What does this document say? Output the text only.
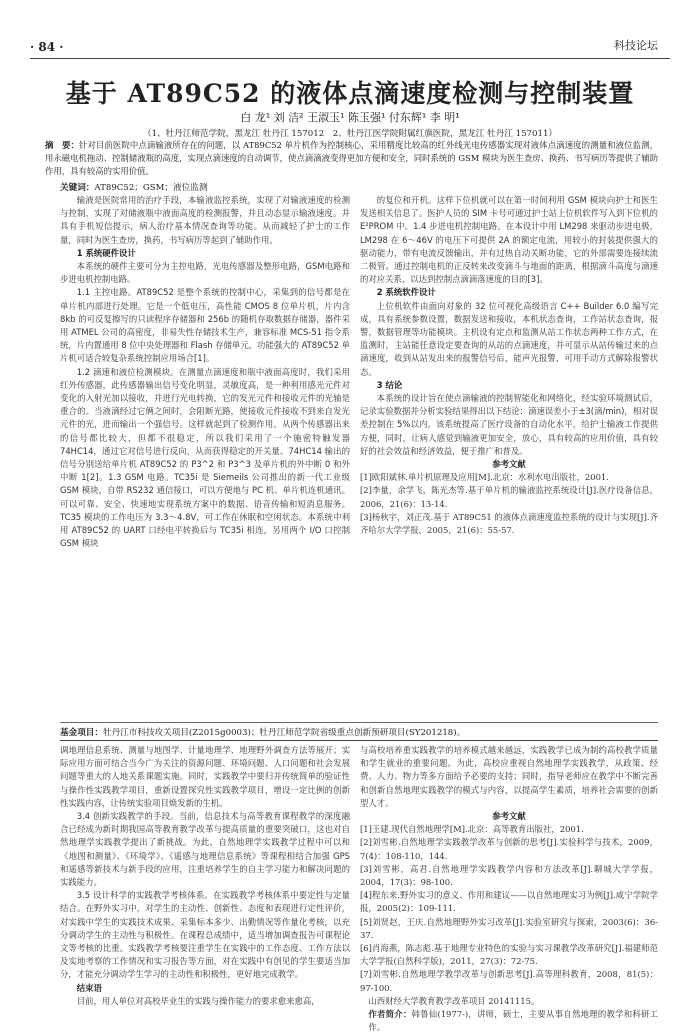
· 84 ·	科技论坛
基于 AT89C52 的液体点滴速度检测与控制装置
白 龙¹ 刘 洁² 王淑玉¹ 陈玉强¹ 付东辉¹ 李 明¹
（1、牡丹江师范学院，黑龙江 牡丹江 157012　2、牡丹江医学院附属红旗医院，黑龙江 牡丹江 157011）
摘　要：针对目前医院中点滴输液所存在的问题，以 AT89C52 单片机作为控制核心，采用精度比较高的红外线光电传感器实现对液体点滴速度的测量和液位监测，用永磁电机拖动、控制储液瓶的高度，实现点滴速度的自动调节，使点滴滴液变得更加方便和安全，同时系统的 GSM 模块为医生查房、换药、书写病历等提供了辅助作用，具有较高的实用价值。
关键词：AT89C52；GSM；液位监测

输液是医院常用的治疗手段，本输液监控系统，实现了对输液速度的检测与控制，实现了对储液瓶中液面高度的检测报警，并且动态显示输液速度。并具有手机短信提示，病人治疗基本情况查询等功能。从而减轻了护士的工作量，同时为医生查房，换药，书写病历等起到了辅助作用。

1 系统硬件设计

本系统的硬件主要可分为主控电路，光电传感器及整形电路，GSM电路和步进电机控制电路。

1.1 主控电路。AT89C52 是整个系统的控制中心，采集到的信号都是在单片机内部进行处理。它是一个低电压，高性能 CMOS 8 位单片机，片内含 8kb 的可反复擦写的只读程序存储器和 256b 的随机存取数据存储器，器件采用 ATMEL 公司的高密度，非易失性存储技术生产，兼容标准 MCS-51 指令系统，片内置通用 8 位中央处理器和 Flash 存储单元，功能强大的 AT89C52 单片机可适合较复杂系统控制应用场合[1]。

1.2 滴速和液位检测模块。在测量点滴速度和瓶中液面高度时，我们采用红外传感器，此传感器输出信号变化明显，灵敏度高，是一种利用感光元件对变化的入射光加以接收，并进行光电转换，它的发光元件和接收元件的光轴是重合的。当液滴经过它俩之间时，会阻断光路，使接收元件接收不到来自发光元件的光，进而输出一个强信号。这样就起到了检测作用。从两个传感器出来的信号都比较大，但都不很稳定，所以我们采用了一个施密特触发器 74HC14，通过它对信号进行反向，从而获得稳定的开关量。74HC14 输出的信号分别送给单片机 AT89C52 的 P3^2 和 P3^3 及单片机的外中断 0 和外中断 1[2]。1.3 GSM 电路。TC35i 是 Siemeils 公司推出的新一代工业级 GSM 模块，自带 RS232 通信接口，可以方便地与 PC 机、单片机连机通讯。可以可靠、安全、快速地实现系统方案中的数据、语音传输和短消息服务。TC35 模块的工作电压为 3.3～4.8V，可工作在休眠和空闲状态。本系统中利用 AT89C52 的 UART 口经电平转换后与 TC35i 相连，另用两个 I/O 口控制 GSM 模块

的复位和开机。这样下位机就可以在第一时间利用 GSM 模块向护士和医生发送相关信息了。医护人员的 SIM 卡号可通过护士站上位机软件写入到下位机的 E²PROM 中。1.4 步进电机控制电路。在本设计中用 LM298 来驱动步进电极，LM298 在 6～46V 的电压下可提供 2A 的额定电流，用较小的封装提供强大的驱动能力，带有电流反馈输出，并有过热自动关断功能，它的外部需要连接续流二极管。通过控制电机的正反转来改变滴斗与地面的距离，根据滴斗高度与滴速的对应关系，以达到控制点滴滴落速度的目的[3]。

2 系统软件设计

上位机软件由面向对象的 32 位可视化高级语言 C++ Builder 6.0 编写完成，具有系统参数设置，数据发送和接收，本机状态查询，工作站状态查询，报警，数据管理等功能模块。主机设有定点和监测从站工作状态两种工作方式，在监测时，主站能任意设定要查询的从站的点滴速度，并可显示从站传输过来的点滴速度，收到从站发出来的报警信号后，能声光报警，可用手动方式解除报警状态。

3 结论

本系统的设计旨在使点滴输液的控制智能化和网络化，经实验环境测试后，记录实验数据并分析实验结果得出以下结论：滴速误差小于±3(滴/min)，相对误差控制在 5%以内。该系统提高了医疗设备的自动化水平，给护士输液工作提供方便，同时，让病人感觉到输液更加安全，放心，具有较高的应用价值，具有较好的社会效益和经济效益，便于推广和普及。

参考文献

[1]欧阳斌林.单片机原理及应用[M].北京：水利水电出版社，2001.

[2]李量，余学飞，陈光杰等.基于单片机的输液监控系统设计[J].医疗设备信息，2006，21(6)：13-14.

[3]杨秋宇，刘正茂.基于 AT89C51 的液体点滴速度监控系统的设计与实现[J].齐齐哈尔大学学报，2005，21(6)：55-57.

基金项目：牡丹江市科技攻关项目(Z2015g0003)；牡丹江师范学院省级重点创新预研项目(SY201218)。

调地理信息系统、测量与地图学、计量地理学、地理野外调查方法等展开；实际应用方面可结合当今广为关注的资源问题、环境问题、人口问题和社会发展问题等重大的人地关系课题实施。同时，实践教学中要归并传统简单的验证性与操作性实践教学项目，重新设置探究性实践教学项目，增设一定比例的创新性实践内容，让传统实验项目焕发新的生机。

3.4 创新实践教学的手段。当前，信息技术与高等教育课程教学的深度融合已经成为新时期我国高等教育教学改革与提高质量的重要突破口，这也对自然地理学实践教学提出了新挑战。为此，自然地理学实践教学过程中可以和《地图和测量》、《环境学》、《遥感与地理信息系统》等课程相结合加强 GPS 和遥感等新技术与新手段的应用，注重培养学生的自主学习能力和解决问题的实践能力。

3.5 设计科学的实践教学考核体系。在实践教学考核体系中要定性与定量结合。在野外实习中，对学生的主动性、创新性、态度和表现进行定性评价，对实践中学生的实践技术成果、采集标本多少、出勤情况等作量化考核，以充分调动学生的主动性与积极性。在课程总成绩中，适当增加调查报告可课程论文等考核的比重。实践教学考核要注重学生在实践中的工作态度、工作方法以及实地考察的工作情况和实习报告等方面，对在实践中有创见的学生要适当加分，才能充分调动学生学习的主动性和积极性，更好地完成教学。

结束语

目前，用人单位对高校毕业生的实践与操作能力的要求愈来愈高，

与高校培养重实践教学的培养模式越来越远，实践教学已成为制约高校教学质量和学生就业的重要问题。为此，高校应重视自然地理学实践教学，从政策、经费、人力、物力等多方面给予必要的支持；同时，指导老师应在教学中不断完善和创新自然地理实践教学的模式与内容，以提高学生素质，培养社会需要的创新型人才。

参考文献

[1]王建.现代自然地理学[M].北京：高等教育出版社，2001.

[2]刘雪彬.自然地理学实践教学改革与创新的思考[J].实验科学与技术，2009，7(4)：108-110，144.

[3]刘雪彬，高君.自然地理学实践教学内容和方法改革[J].聊城大学学报，2004，17(3)：98-100.

[4]程东来.野外实习的意义、作用和建议——以自然地理实习为例[J].咸宁学院学报，2005(2)：109-111.

[5]刘贤赵，王庆.自然地理野外实习改革[J].实验室研究与探索，2003(6)：36-37.

[6]肖海燕，陈志彪.基于地理专业特色的实验与实习课教学改革研究[J].福建师范大学学报(自然科学版)，2011，27(3)：72-75.

[7]刘雪彬.自然地理学教学改革与创新思考[J].高等理科教育，2008，81(5)：97-100.

山西财经大学教育教学改革项目 20141115。

作者简介：韩鲁仙(1977-)，讲师，硕士，主要从事自然地理的教学和科研工作。
